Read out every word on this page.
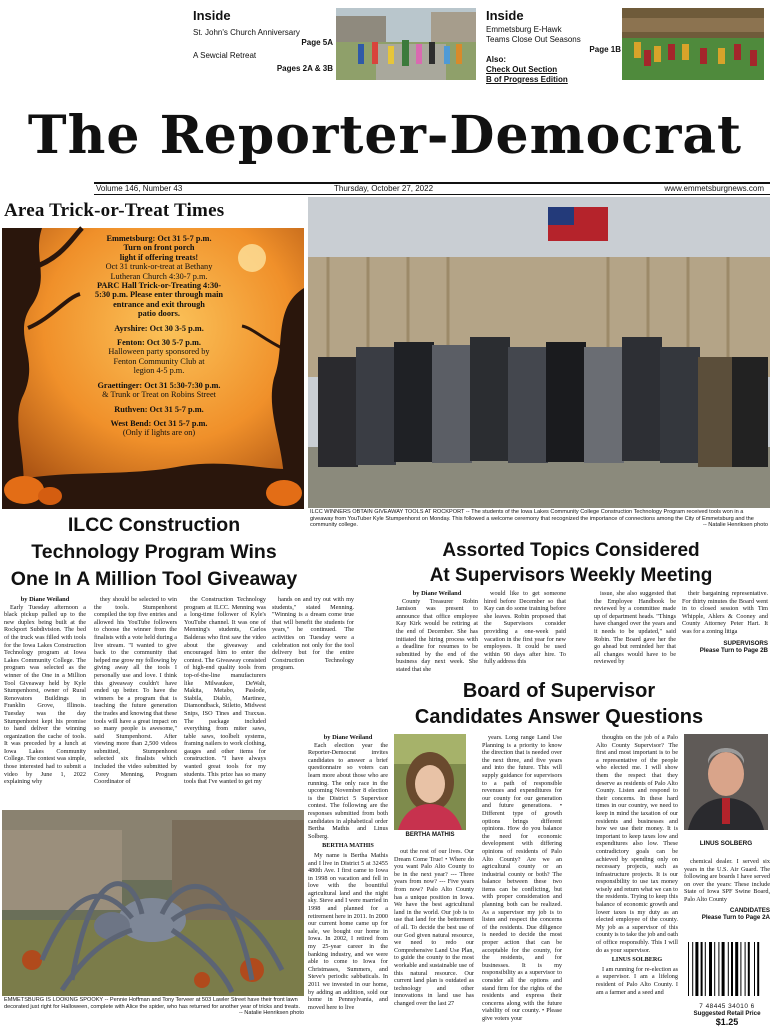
Inside
St. John's Church Anniversary
Page 5A
A Sewcial Retreat
Pages 2A & 3B
Inside
Emmetsburg E-Hawk
Teams Close Out Seasons
Page 1B
Also:
Check Out Section
B of Progress Edition
The Reporter-Democrat
Volume 146, Number 43	Thursday, October 27, 2022	www.emmetsburgnews.com
Area Trick-or-Treat Times
Emmetsburg: Oct 31 5-7 p.m.
Turn on front porch
light if offering treats!
Oct 31 trunk-or-treat at Bethany
Lutheran Church 4:30-7 p.m.
PARC Hall Trick-or-Treating 4:30-
5:30 p.m. Please enter through main
entrance and exit through
patio doors.
Ayrshire: Oct 30 3-5 p.m.
Fenton: Oct 30 5-7 p.m.
Halloween party sponsored by
Fenton Community Club at
legion 4-5 p.m.
Graettinger: Oct 31 5:30-7:30 p.m.
& Trunk or Treat on Robins Street
Ruthven: Oct 31 5-7 p.m.
West Bend: Oct 31 5-7 p.m.
(Only if lights are on)
ILCC WINNERS OBTAIN GIVEAWAY TOOLS AT ROCKPORT -- The students of the Iowa Lakes Community College Construction Technology Program received tools won in a giveaway from YouTuber Kyle Stumpenhorst on Monday. This followed a welcome ceremony that recognized the importance of connections among the City of Emmetsburg and the community college.	-- Natalie Henriksen photo
ILCC Construction
Technology Program Wins
One In A Million Tool Giveaway
by Diane Weiland

Early Tuesday afternoon a black pickup pulled up to the new duplex being built at the Rockport Subdivision. The bed of the truck was filled with tools for the Iowa Lakes Construction Technology program at Iowa Lakes Community College. The program was selected as the winner of the One in a Million Tool Giveaway held by Kyle Stumpenhorst, owner of Rural Renovators Buildings in Franklin Grove, Illinois. Tuesday was the day Stumpenhorst kept his promise to hand deliver the winning organization the cache of tools. It was preceded by a lunch at Iowa Lakes Community College. The contest was simple, those interested had to submit a video by June 1, 2022 explaining why

they should be selected to win the tools. Stumpenhorst compiled the top five entries and allowed his YouTube followers to choose the winner from the finalists with a vote held during a live stream. "I wanted to give back to the community that helped me grow my following by giving away all the tools I personally use and love. I think this giveaway couldn't have ended up better. To have the winners be a program that is teaching the future generation the trades and knowing that these tools will have a great impact on so many people is awesome," said Stumpenhorst. After viewing more than 2,500 videos submitted, Stumpenhorst selected six finalists which included the video submitted by Corey Menning, Program Coordinator of

the Construction Technology program at ILCC. Menning was a long-time follower of Kyle's YouTube channel. It was one of Menning's students, Carlos Balderas who first saw the video about the giveaway and encouraged him to enter the contest. The Giveaway consisted of high-end quality tools from top-of-the-line manufacturers like Milwaukee, DeWalt, Makita, Metabo, Paslode, Stabila, Diablo, Martinez, Diamondback, Stiletto, Midwest Snips, ISO Tines and Traxxas. The package included everything from miter saws, table saws, toolbelt systems, framing nailers to work clothing, gauges and other items for construction. "I have always wanted great tools for my students. This prize has so many tools that I've wanted to get my

hands on and try out with my students," stated Menning. "Winning is a dream come true that will benefit the students for years," he continued. The activities on Tuesday were a celebration not only for the tool delivery but for the entire Construction Technology program.

Assorted Topics Considered
At Supervisors Weekly Meeting
by Diane Weiland

County Treasurer Robin Jamison was present to announce that office employee Kay Kirk would be retiring at the end of December. She has initiated the hiring process with a deadline for resumes to be submitted by the end of the business day next week. She stated that she

would like to get someone hired before December so that Kay can do some training before she leaves. Robin proposed that the Supervisors consider providing a one-week paid vacation in the first year for new employees. It could be used within 90 days after hire. To fully address this

issue, she also suggested that the Employee Handbook be reviewed by a committee made up of department heads. "Things have changed over the years and it needs to be updated," said Robin. The Board gave her the go ahead but reminded her that all changes would have to be reviewed by

their bargaining representative. For thirty minutes the Board went in to closed session with Tim Whipple, Ahlers & Cooney and County Attorney Peter Hart. It was for a zoning litiga

SUPERVISORS
Please Turn to Page 2B
Board of Supervisor
Candidates Answer Questions
by Diane Weiland

Each election year the Reporter-Democrat invites candidates to answer a brief questionnaire so voters can learn more about those who are running. The only race in the upcoming November 8 election is the District 5 Supervisor contest. The following are the responses submitted from both candidates in alphabetical order Bertha Mathis and Linus Solberg.

BERTHA MATHIS

My name is Bertha Mathis and I live in District 5 at 32455 480th Ave. I first came to Iowa in 1998 on vacation and fell in love with the bountiful agricultural land and the night sky. Steve and I were married in 1998 and planned for a retirement here in 2011. In 2000 our current home came up for sale, we bought our home in Iowa. In 2002, I retired from my 25-year career in the banking industry, and we were able to come to Iowa for Christmases, Summers, and Steve's periodic sabbaticals. In 2011 we invested in our home, by adding an addition, sold our home in Pennsylvania, and moved here to live

BERTHA MATHIS

out the rest of our lives. Our Dream Come True! • Where do you want Palo Alto County to be in the next year? --- Three years from now? --- Five years from now? Palo Alto County has a unique position in Iowa. We have the best agricultural land in the world. Our job is to use that land for the betterment of all. To decide the best use of our God given natural resource, we need to redo our Comprehensive Land Use Plan, to guide the county to the most workable and sustainable use of this natural resource. Our current land plan is outdated as technology and other innovations in land use has changed over the last 27

years. Long range Land Use Planning is a priority to know the direction that is needed over the next three, and five years and into the future. This will supply guidance for supervisors to a path of responsible revenues and expenditures for our county for our generation and future generations. • Different type of growth options brings different opinions. How do you balance the need for economic development with differing opinions of residents of Palo Alto County? Are we an agricultural county or an industrial county or both? The balance between these two items can be conflicting, but with proper consideration and planning both can be realized. As a supervisor my job is to listen and respect the concerns of the residents. Due diligence is needed to decide the most proper action that can be acceptable for the county, for the residents, and for businesses. It is my responsibility as a supervisor to consider all the options and stand firm for the rights of the residents and express their concerns along with the future viability of our county. • Please give voters your

thoughts on the job of a Palo Alto County Supervisor? The first and most important is to be a representative of the people who elected me. I will show them the respect that they deserve as residents of Palo Alto County. Listen and respond to their concerns. In these hard times in our country, we need to keep in mind the taxation of our residents and businesses and how we use their money. It is important to keep taxes low and expenditures also low. These contradictory goals can be achieved by spending only on necessary projects, such as infrastructure projects. It is our responsibility to use tax money wisely and return what we can to the residents. Trying to keep this balance of economic growth and lower taxes is my duty as an elected employee of the county. My job as a supervisor of this county is to take the job and oath of office responsibly. This I will do as your supervisor.

LINUS SOLBERG

I am running for re-election as a supervisor. I am a lifelong resident of Palo Alto County. I am a farmer and a seed and

LINUS SOLBERG

chemical dealer. I served six years in the U.S. Air Guard. The following are boards I have served on over the years: These include State of Iowa SPF Swine Board, Palo Alto County

CANDIDATES
Please Turn to Page 2A
EMMETSBURG IS LOOKING SPOOKY -- Pennie Hoffman and Tony Terveer at 503 Lawler Street have their front lawn decorated just right for Halloween, complete with Alice the spider, who has returned for another year of tricks and treats.
-- Natalie Henriksen photo
7 48445 34010 6
Suggested Retail Price
$1.25
